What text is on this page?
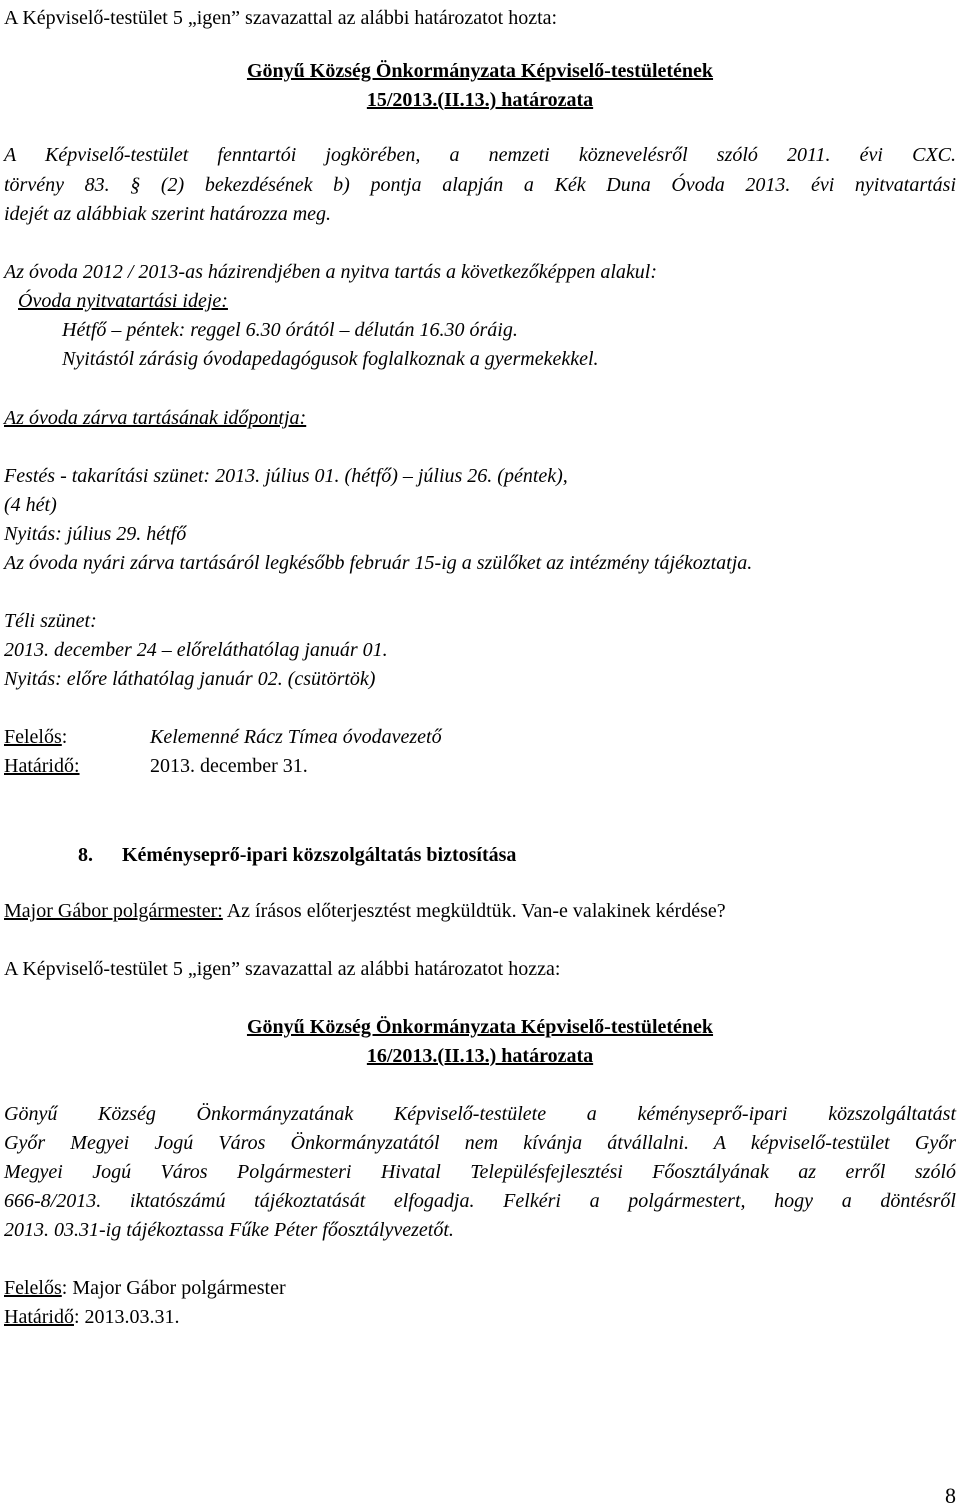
A Képviselő-testület 5 „igen” szavazattal az alábbi határozatot hozta:
Gönyű Község Önkormányzata Képviselő-testületének
15/2013.(II.13.) határozata
A Képviselő-testület fenntartói jogkörében, a nemzeti köznevelésről szóló 2011. évi CXC.
törvény 83. § (2) bekezdésének b) pontja alapján a Kék Duna Óvoda 2013. évi nyitvatartási
idejét az alábbiak szerint határozza meg.
Az óvoda 2012 / 2013-as házirendjében a nyitva tartás a következőképpen alakul:
Óvoda nyitvatartási ideje:
Hétfő – péntek: reggel 6.30 órától – délután 16.30 óráig.
Nyitástól zárásig óvodapedagógusok foglalkoznak a gyermekekkel.
Az óvoda zárva tartásának időpontja:
Festés - takarítási szünet: 2013. július 01. (hétfő) – július 26. (péntek),
(4 hét)
Nyitás: július 29. hétfő
Az óvoda nyári zárva tartásáról legkésőbb február 15-ig a szülőket az intézmény tájékoztatja.
Téli szünet:
2013. december 24 – előreláthatólag január 01.
Nyitás: előre láthatólag január 02. (csütörtök)
Felelős:	Kelemenné Rácz Tímea óvodavezető
Határidő:	2013. december 31.
8. Kéményseprő-ipari közszolgáltatás biztosítása
Major Gábor polgármester: Az írásos előterjesztést megküldtük. Van-e valakinek kérdése?
A Képviselő-testület 5 „igen” szavazattal az alábbi határozatot hozza:
Gönyű Község Önkormányzata Képviselő-testületének
16/2013.(II.13.) határozata
Gönyű Község Önkormányzatának Képviselő-testülete a kéményseprő-ipari közszolgáltatást
Győr Megyei Jogú Város Önkormányzatától nem kívánja átvállalni. A képviselő-testület Győr
Megyei Jogú Város Polgármesteri Hivatal Településfejlesztési Főosztályának az erről szóló
666-8/2013. iktatószámú tájékoztatását elfogadja. Felkéri a polgármestert, hogy a döntésről
2013. 03.31-ig tájékoztassa Fűke Péter főosztályvezetőt.
Felelős: Major Gábor polgármester
Határidő: 2013.03.31.
8
